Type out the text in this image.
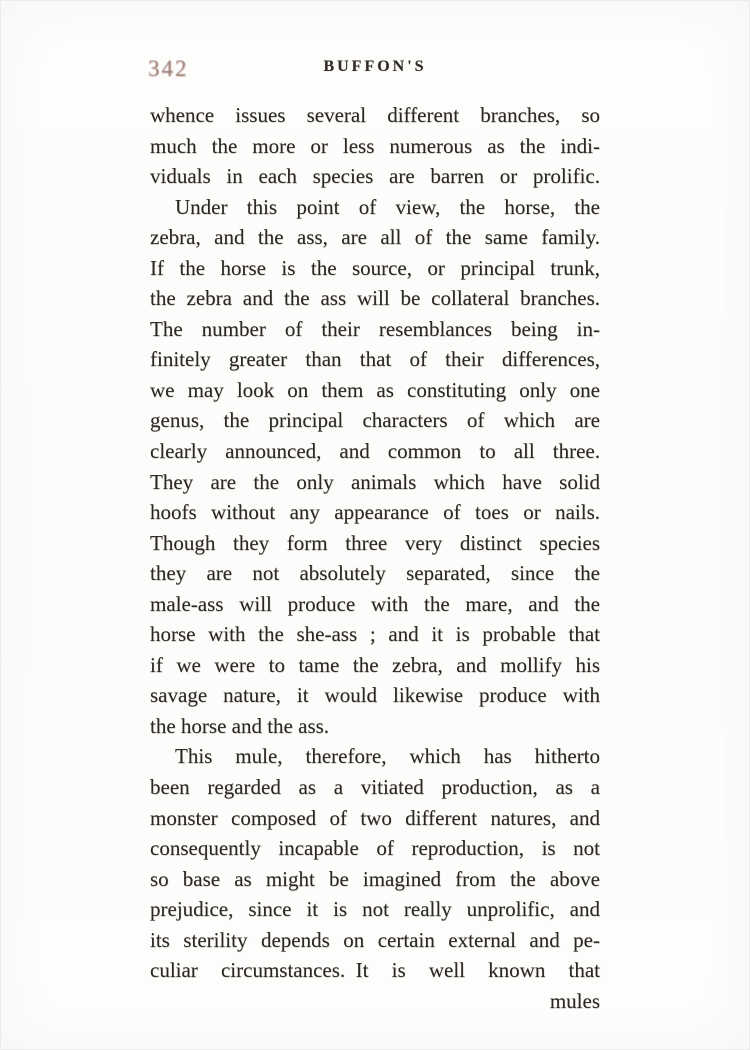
342	BUFFON'S
whence issues several different branches, so
much the more or less numerous as the indi-
viduals in each species are barren or prolific.
Under this point of view, the horse, the
zebra, and the ass, are all of the same family.
If the horse is the source, or principal trunk,
the zebra and the ass will be collateral branches.
The number of their resemblances being in-
finitely greater than that of their differences,
we may look on them as constituting only one
genus, the principal characters of which are
clearly announced, and common to all three.
They are the only animals which have solid
hoofs without any appearance of toes or nails.
Though they form three very distinct species
they are not absolutely separated, since the
male-ass will produce with the mare, and the
horse with the she-ass ; and it is probable that
if we were to tame the zebra, and mollify his
savage nature, it would likewise produce with
the horse and the ass.
This mule, therefore, which has hitherto
been regarded as a vitiated production, as a
monster composed of two different natures, and
consequently incapable of reproduction, is not
so base as might be imagined from the above
prejudice, since it is not really unprolific, and
its sterility depends on certain external and pe-
culiar circumstances. It is well known that
mules
